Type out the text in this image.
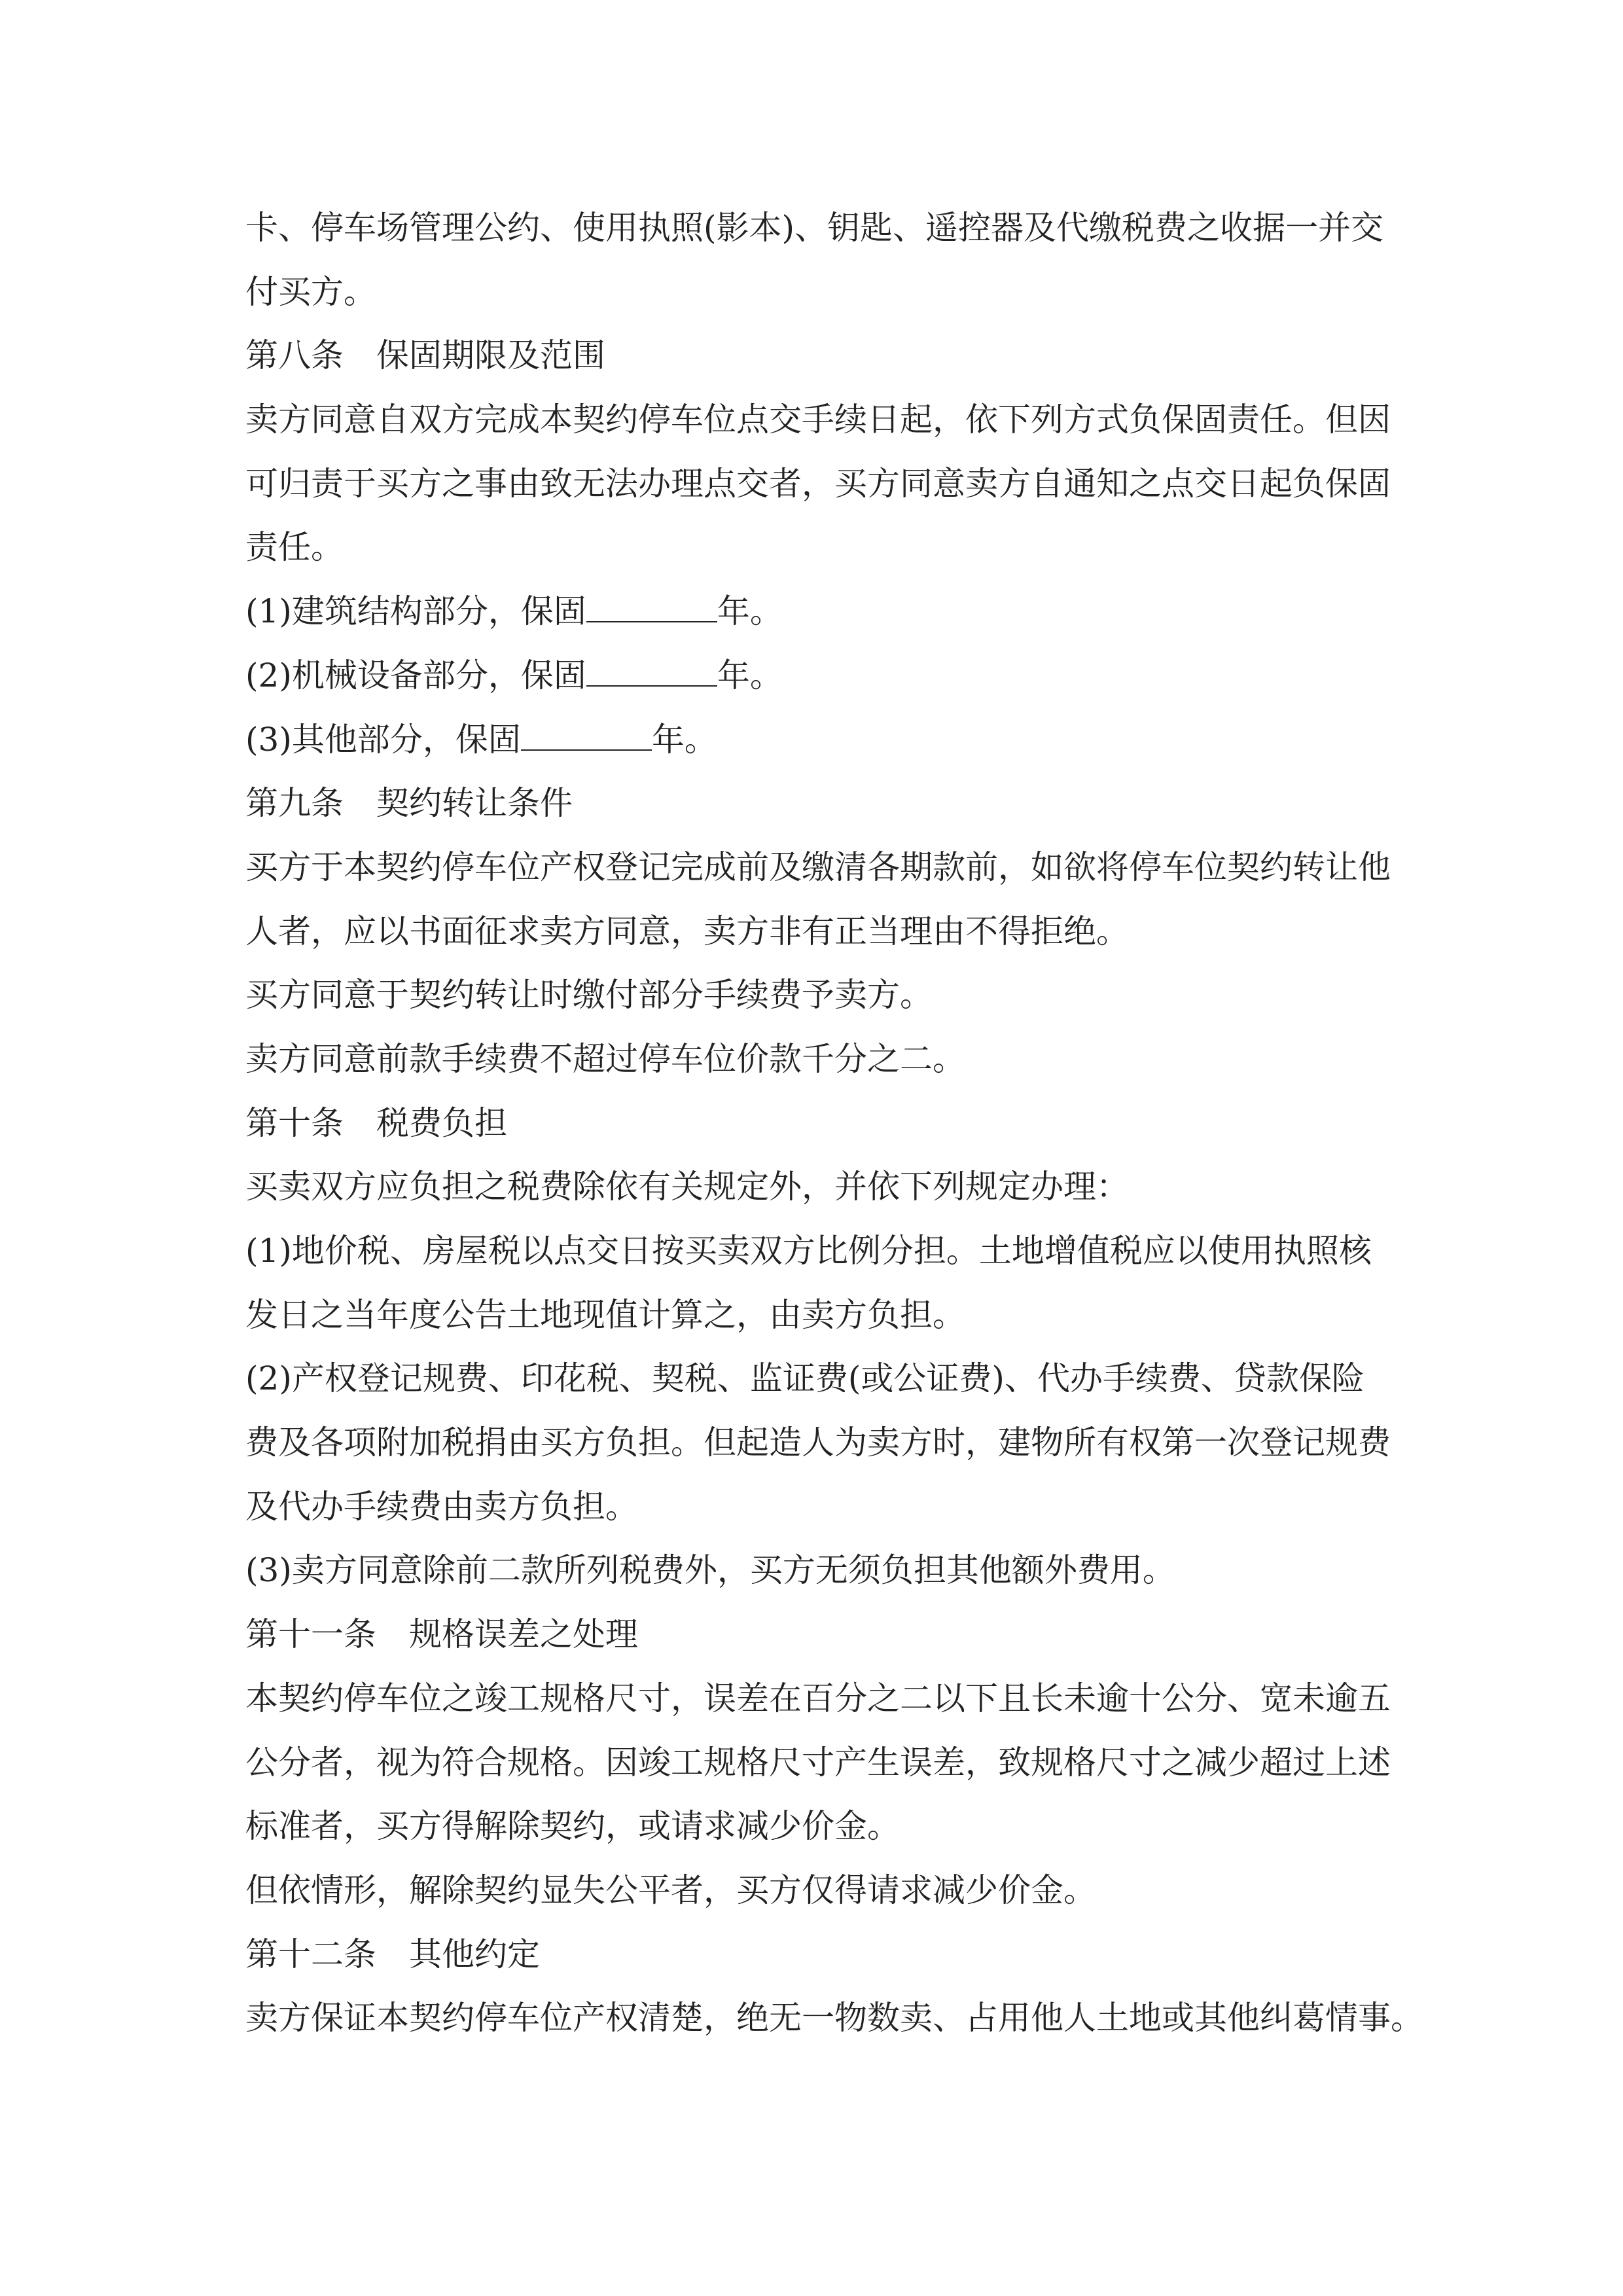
卡、停车场管理公约、使用执照(影本)、钥匙、遥控器及代缴税费之收据一并交
付买方。
第八条 保固期限及范围
卖方同意自双方完成本契约停车位点交手续日起，依下列方式负保固责任。但因
可归责于买方之事由致无法办理点交者，买方同意卖方自通知之点交日起负保固
责任。
(1)建筑结构部分，保固	年。
(2)机械设备部分，保固	年。
(3)其他部分，保固	年。
第九条 契约转让条件
买方于本契约停车位产权登记完成前及缴清各期款前，如欲将停车位契约转让他
人者，应以书面征求卖方同意，卖方非有正当理由不得拒绝。
买方同意于契约转让时缴付部分手续费予卖方。
卖方同意前款手续费不超过停车位价款千分之二。
第十条 税费负担
买卖双方应负担之税费除依有关规定外，并依下列规定办理：
(1)地价税、房屋税以点交日按买卖双方比例分担。土地增值税应以使用执照核
发日之当年度公告土地现值计算之，由卖方负担。
(2)产权登记规费、印花税、契税、监证费(或公证费)、代办手续费、贷款保险
费及各项附加税捐由买方负担。但起造人为卖方时，建物所有权第一次登记规费
及代办手续费由卖方负担。
(3)卖方同意除前二款所列税费外，买方无须负担其他额外费用。
第十一条 规格误差之处理
本契约停车位之竣工规格尺寸，误差在百分之二以下且长未逾十公分、宽未逾五
公分者，视为符合规格。因竣工规格尺寸产生误差，致规格尺寸之减少超过上述
标准者，买方得解除契约，或请求减少价金。
但依情形，解除契约显失公平者，买方仅得请求减少价金。
第十二条 其他约定
卖方保证本契约停车位产权清楚，绝无一物数卖、占用他人土地或其他纠葛情事。
